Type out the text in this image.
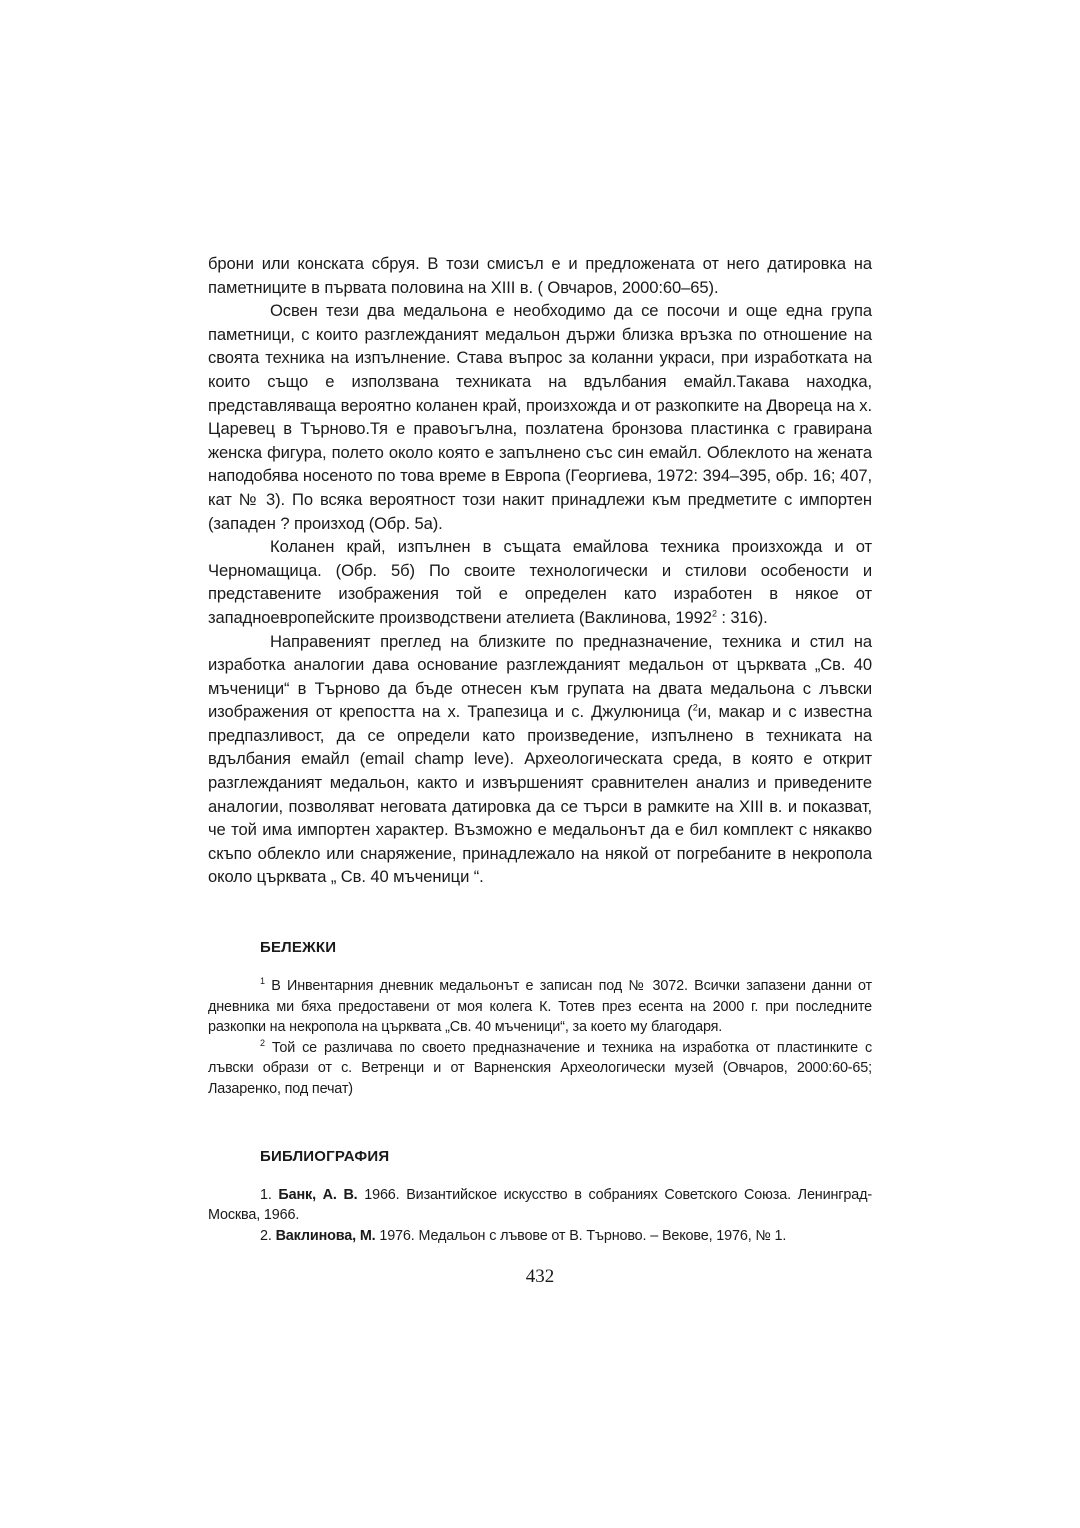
брони или конската сбруя. В този смисъл е и предложената от него датировка на паметниците в първата половина на XIII в. ( Овчаров, 2000:60–65).

Освен тези два медальона е необходимо да се посочи и още една група паметници, с които разглежданият медальон държи близка връзка по отношение на своята техника на изпълнение. Става въпрос за коланни украси, при изработката на които също е използвана техниката на вдълбания емайл.Такава находка, представляваща вероятно коланен край, произхожда и от разкопките на Двореца на х. Царевец в Търново.Тя е правоъгълна, позлатена бронзова пластинка с гравирана женска фигура, полето около която е запълнено със син емайл. Облеклото на жената наподобява носеното по това време в Европа (Георгиева, 1972: 394–395, обр. 16; 407, кат № 3). По всяка вероятност този накит принадлежи към предметите с импортен (западен ? произход (Обр. 5а).

Коланен край, изпълнен в същата емайлова техника произхожда и от Черномащица. (Обр. 5б) По своите технологически и стилови особености и представените изображения той е определен като изработен в някое от западноевропейските производствени ателиета (Ваклинова, 1992$^2$ : 316).

Направеният преглед на близките по предназначение, техника и стил на изработка аналогии дава основание разглежданият медальон от църквата „Св. 40 мъченици“ в Търново да бъде отнесен към групата на двата медальона с лъвски изображения от крепостта на х. Трапезица и с. Джулюница ($^2$и, макар и с известна предпазливост, да се определи като произведение, изпълнено в техниката на вдълбания емайл (email champ leve). Археологическата среда, в която е открит разглежданият медальон, както и извършеният сравнителен анализ и приведените аналогии, позволяват неговата датировка да се търси в рамките на XIII в. и показват, че той има импортен характер. Възможно е медальонът да е бил комплект с някакво скъпо облекло или снаряжение, принадлежало на някой от погребаните в некропола около църквата „ Св. 40 мъченици “.

БЕЛЕЖКИ

$^1$ В Инвентарния дневник медальонът е записан под № 3072. Всички запазени данни от дневника ми бяха предоставени от моя колега К. Тотев през есента на 2000 г. при последните разкопки на некропола на църквата „Св. 40 мъченици“, за което му благодаря.

$^2$ Той се различава по своето предназначение и техника на изработка от пластинките с лъвски образи от с. Ветренци и от Варненския Археологически музей (Овчаров, 2000:60-65; Лазаренко, под печат)

БИБЛИОГРАФИЯ

1. Банк, А. В. 1966. Византийское искусство в собраниях Советского Союза. Ленинград-Москва, 1966.

2. Ваклинова, М. 1976. Медальон с лъвове от В. Търново. – Векове, 1976, № 1.

432
